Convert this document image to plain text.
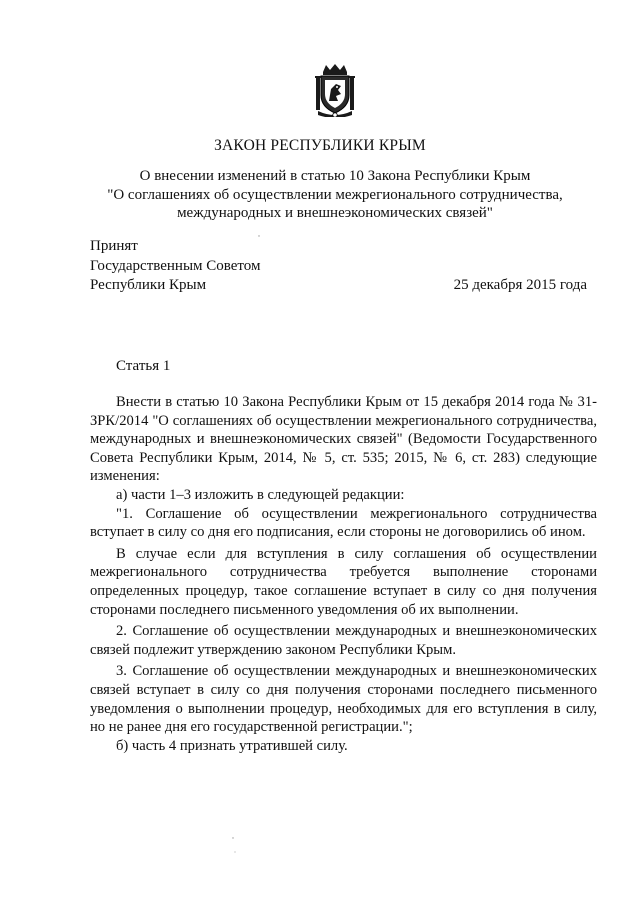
ЗАКОН РЕСПУБЛИКИ КРЫМ
О внесении изменений в статью 10 Закона Республики Крым
"О соглашениях об осуществлении межрегионального сотрудничества,
международных и внешнеэкономических связей"
Принят
Государственным Советом
Республики Крым	25 декабря 2015 года
Статья 1

Внести в статью 10 Закона Республики Крым от 15 декабря 2014 года № 31-ЗРК/2014 "О соглашениях об осуществлении межрегионального сотрудничества, международных и внешнеэкономических связей" (Ведомости Государственного Совета Республики Крым, 2014, № 5, ст. 535; 2015, № 6, ст. 283) следующие изменения:

а) части 1–3 изложить в следующей редакции:

"1. Соглашение об осуществлении межрегионального сотрудничества вступает в силу со дня его подписания, если стороны не договорились об ином.

В случае если для вступления в силу соглашения об осуществлении межрегионального сотрудничества требуется выполнение сторонами определенных процедур, такое соглашение вступает в силу со дня получения сторонами последнего письменного уведомления об их выполнении.

2. Соглашение об осуществлении международных и внешнеэкономических связей подлежит утверждению законом Республики Крым.

3. Соглашение об осуществлении международных и внешнеэкономических связей вступает в силу со дня получения сторонами последнего письменного уведомления о выполнении процедур, необходимых для его вступления в силу, но не ранее дня его государственной регистрации.";

б) часть 4 признать утратившей силу.
